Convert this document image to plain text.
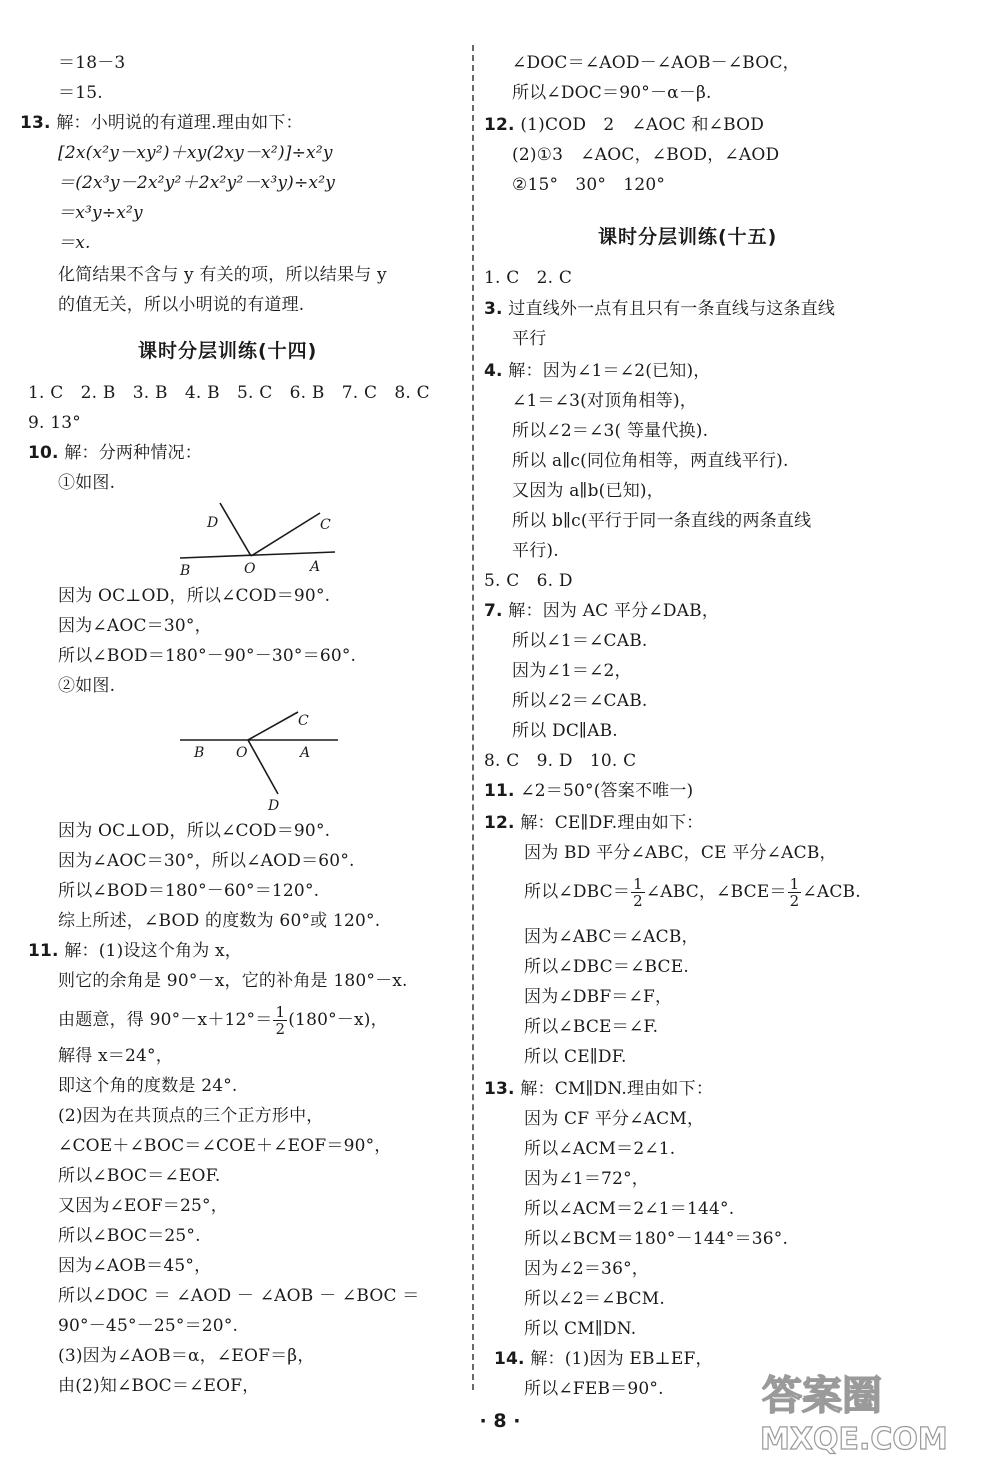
＝18－3
＝15.
13. 解：小明说的有道理.理由如下：
[2x(x²y－xy²)＋xy(2xy－x²)]÷x²y
＝(2x³y－2x²y²＋2x²y²－x³y)÷x²y
＝x³y÷x²y
＝x.
化简结果不含与 y 有关的项，所以结果与 y
的值无关，所以小明说的有道理.
课时分层训练(十四)
1. C　2. B　3. B　4. B　5. C　6. B　7. C　8. C
9. 13°
10. 解：分两种情况：
①如图.
D	C
B	O	A
因为 OC⊥OD，所以∠COD＝90°.
因为∠AOC＝30°，
所以∠BOD＝180°－90°－30°＝60°.
②如图.
C
B O	A
D
因为 OC⊥OD，所以∠COD＝90°.
因为∠AOC＝30°，所以∠AOD＝60°.
所以∠BOD＝180°－60°＝120°.
综上所述，∠BOD 的度数为 60°或 120°.
11. 解：(1)设这个角为 x，
则它的余角是 90°－x，它的补角是 180°－x.
由题意，得 $90^\circ-x+12^\circ= \frac{1}{2} (180^\circ-x)$，
解得 x＝24°，
即这个角的度数是 24°.
(2)因为在共顶点的三个正方形中，
∠COE＋∠BOC＝∠COE＋∠EOF＝90°，
所以∠BOC＝∠EOF.
又因为∠EOF＝25°，
所以∠BOC＝25°.
因为∠AOB＝45°，
所以∠DOC ＝ ∠AOD － ∠AOB － ∠BOC ＝
90°－45°－25°＝20°.
(3)因为∠AOB＝α，∠EOF＝β，
由(2)知∠BOC＝∠EOF，
∠DOC＝∠AOD－∠AOB－∠BOC，
所以∠DOC＝90°－α－β.
12. (1)COD　2　∠AOC 和∠BOD
(2)①3　∠AOC，∠BOD，∠AOD
②15°　30°　120°
课时分层训练(十五)
1. C　2. C
3. 过直线外一点有且只有一条直线与这条直线
平行
4. 解：因为∠1＝∠2(已知)，
∠1＝∠3(对顶角相等)，
所以∠2＝∠3( 等量代换).
所以 a∥c(同位角相等，两直线平行).
又因为 a∥b(已知)，
所以 b∥c(平行于同一条直线的两条直线
平行).
5. C　6. D
7. 解：因为 AC 平分∠DAB，
所以∠1＝∠CAB.
因为∠1＝∠2，
所以∠2＝∠CAB.
所以 DC∥AB.
8. C　9. D　10. C
11. ∠2＝50°(答案不唯一)
12. 解：CE∥DF.理由如下：
因为 BD 平分∠ABC，CE 平分∠ACB，
所以∠DBC＝ $\frac{1}{2}$ ∠ABC，∠BCE＝ $\frac{1}{2}$ ∠ACB.
因为∠ABC＝∠ACB，
所以∠DBC＝∠BCE.
因为∠DBF＝∠F，
所以∠BCE＝∠F.
所以 CE∥DF.
13. 解：CM∥DN.理由如下：
因为 CF 平分∠ACM，
所以∠ACM＝2∠1.
因为∠1＝72°，
所以∠ACM＝2∠1＝144°.
所以∠BCM＝180°－144°＝36°.
因为∠2＝36°，
所以∠2＝∠BCM.
所以 CM∥DN.
14. 解：(1)因为 EB⊥EF，
所以∠FEB＝90°.
· 8 ·
答案圈
MXQE.COM
